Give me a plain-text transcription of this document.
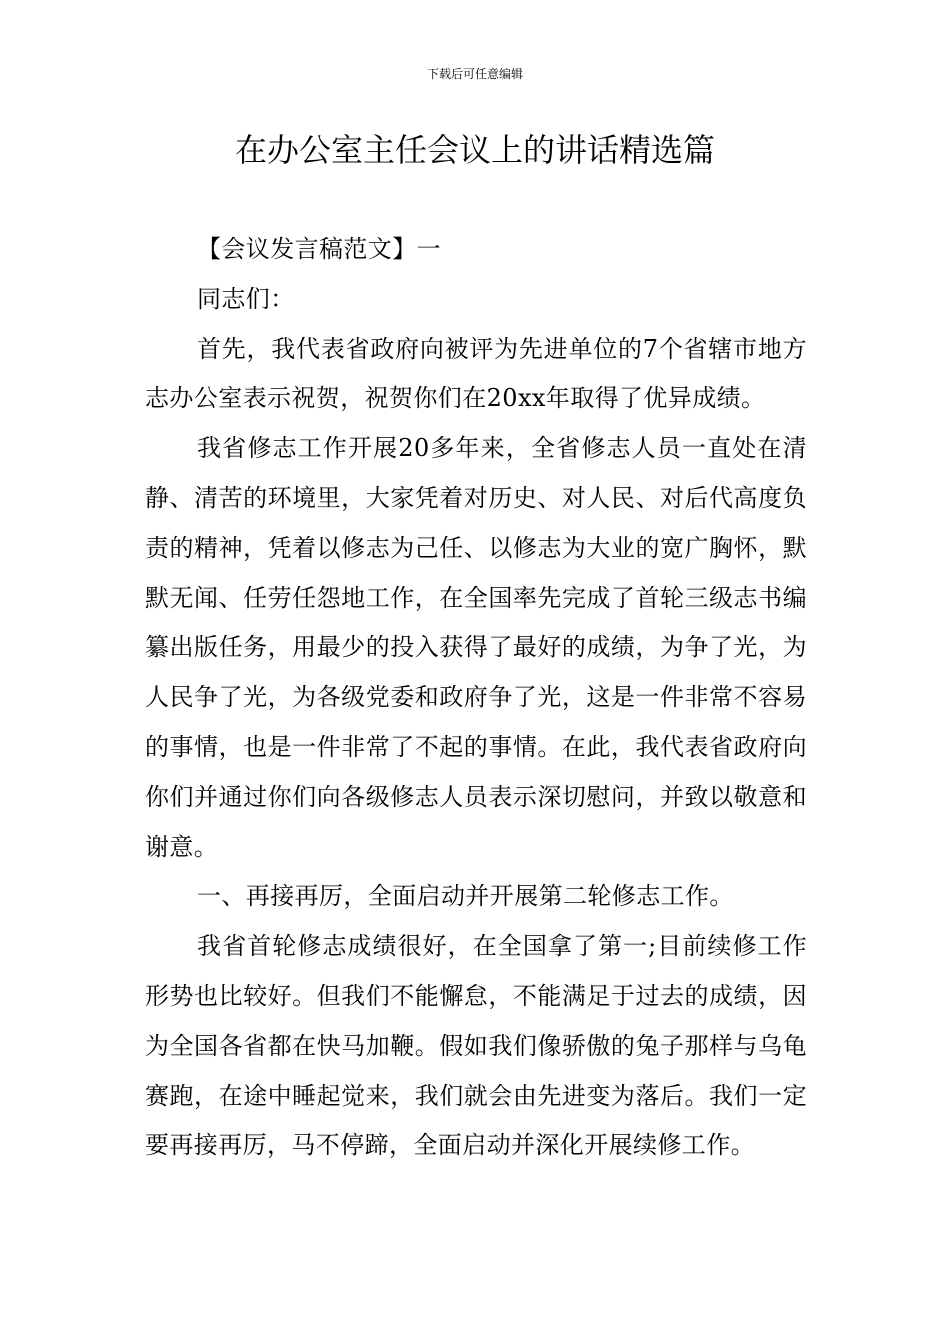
下载后可任意编辑
在办公室主任会议上的讲话精选篇

【会议发言稿范文】一

同志们：

首先，我代表省政府向被评为先进单位的7个省辖市地方志办公室表示祝贺，祝贺你们在20xx年取得了优异成绩。

我省修志工作开展20多年来，全省修志人员一直处在清静、清苦的环境里，大家凭着对历史、对人民、对后代高度负责的精神，凭着以修志为己任、以修志为大业的宽广胸怀，默默无闻、任劳任怨地工作，在全国率先完成了首轮三级志书编纂出版任务，用最少的投入获得了最好的成绩，为争了光，为人民争了光，为各级党委和政府争了光，这是一件非常不容易的事情，也是一件非常了不起的事情。在此，我代表省政府向你们并通过你们向各级修志人员表示深切慰问，并致以敬意和谢意。

一、再接再厉，全面启动并开展第二轮修志工作。

我省首轮修志成绩很好，在全国拿了第一;目前续修工作形势也比较好。但我们不能懈怠，不能满足于过去的成绩，因为全国各省都在快马加鞭。假如我们像骄傲的兔子那样与乌龟赛跑，在途中睡起觉来，我们就会由先进变为落后。我们一定要再接再厉，马不停蹄，全面启动并深化开展续修工作。
